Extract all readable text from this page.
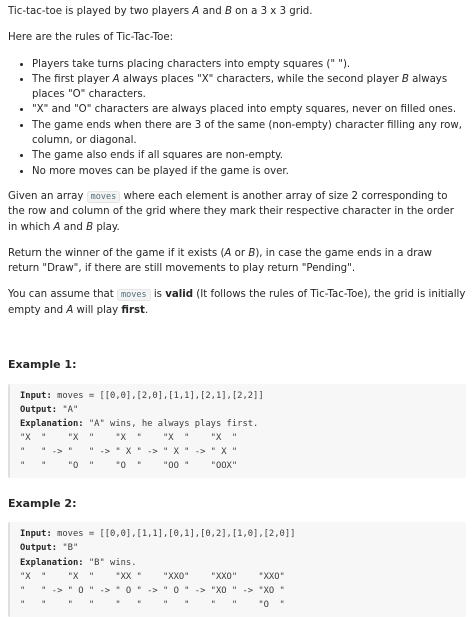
Tic-tac-toe is played by two players A and B on a 3 x 3 grid.

Here are the rules of Tic-Tac-Toe:

• Players take turns placing characters into empty squares (" ").
• The first player A always places "X" characters, while the second player B always places "O" characters.
• "X" and "O" characters are always placed into empty squares, never on filled ones.
• The game ends when there are 3 of the same (non-empty) character filling any row, column, or diagonal.
• The game also ends if all squares are non-empty.
• No more moves can be played if the game is over.

Given an array moves where each element is another array of size 2 corresponding to the row and column of the grid where they mark their respective character in the order in which A and B play.

Return the winner of the game if it exists (A or B), in case the game ends in a draw return "Draw", if there are still movements to play return "Pending".

You can assume that moves is valid (It follows the rules of Tic-Tac-Toe), the grid is initially empty and A will play first.

Example 1:
Input: moves = [[0,0],[2,0],[1,1],[2,1],[2,2]]
Output: "A"
Explanation: "A" wins, he always plays first.
"X  "    "X  "    "X  "    "X  "    "X  "
"   " -> "   " -> " X " -> " X " -> " X "
"   "    "O  "    "O  "    "OO "    "OOX"
Example 2:
Input: moves = [[0,0],[1,1],[0,1],[0,2],[1,0],[2,0]]
Output: "B"
Explanation: "B" wins.
"X  "    "X  "    "XX "    "XXO"    "XXO"    "XXO"
"   " -> " O " -> " O " -> " O " -> "XO " -> "XO "
"   "    "   "    "   "    "   "    "   "    "O  "
